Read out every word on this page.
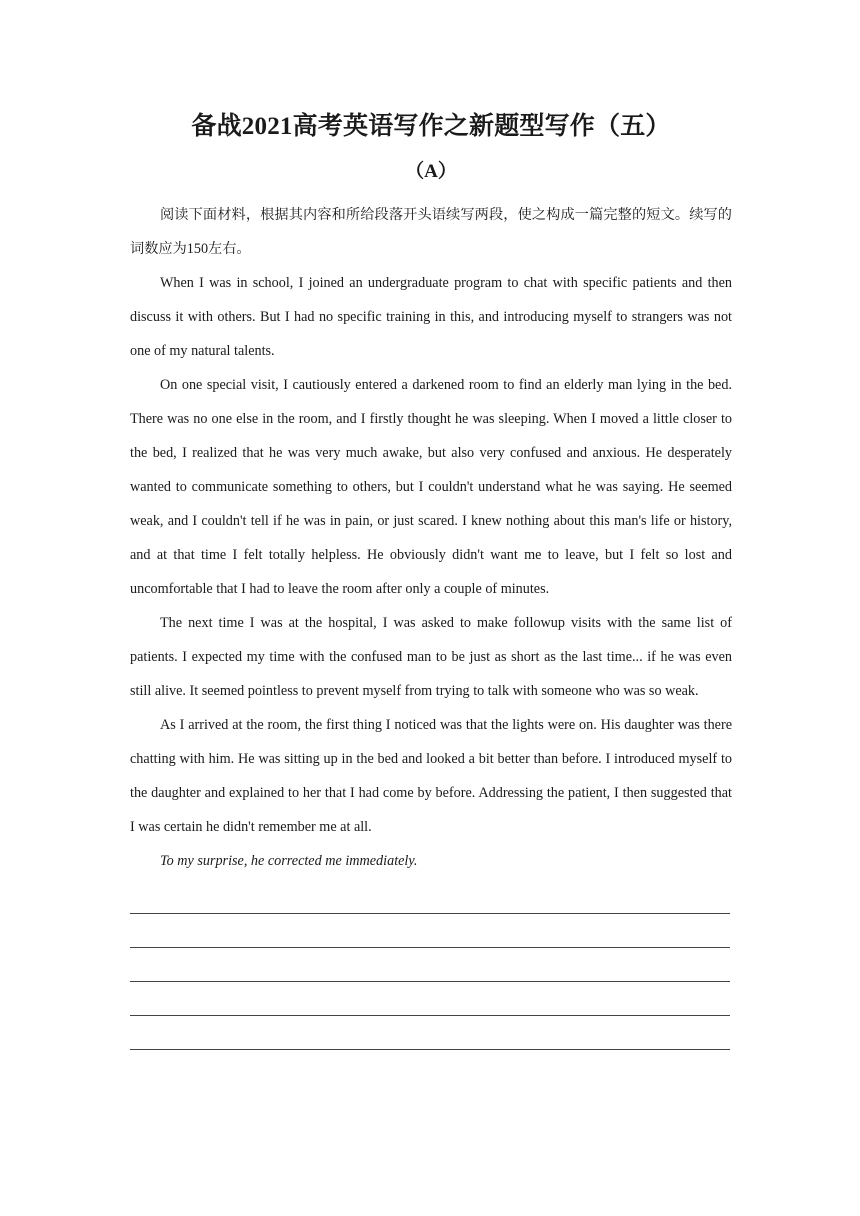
备战2021高考英语写作之新题型写作（五）
（A）

阅读下面材料，根据其内容和所给段落开头语续写两段，使之构成一篇完整的短文。续写的词数应为150左右。

When I was in school, I joined an undergraduate program to chat with specific patients and then discuss it with others. But I had no specific training in this, and introducing myself to strangers was not one of my natural talents.

On one special visit, I cautiously entered a darkened room to find an elderly man lying in the bed. There was no one else in the room, and I firstly thought he was sleeping. When I moved a little closer to the bed, I realized that he was very much awake, but also very confused and anxious. He desperately wanted to communicate something to others, but I couldn't understand what he was saying. He seemed weak, and I couldn't tell if he was in pain, or just scared. I knew nothing about this man's life or history, and at that time I felt totally helpless. He obviously didn't want me to leave, but I felt so lost and uncomfortable that I had to leave the room after only a couple of minutes.

The next time I was at the hospital, I was asked to make followup visits with the same list of patients. I expected my time with the confused man to be just as short as the last time... if he was even still alive. It seemed pointless to prevent myself from trying to talk with someone who was so weak.

As I arrived at the room, the first thing I noticed was that the lights were on. His daughter was there chatting with him. He was sitting up in the bed and looked a bit better than before. I introduced myself to the daughter and explained to her that I had come by before. Addressing the patient, I then suggested that I was certain he didn't remember me at all.

To my surprise, he corrected me immediately.
